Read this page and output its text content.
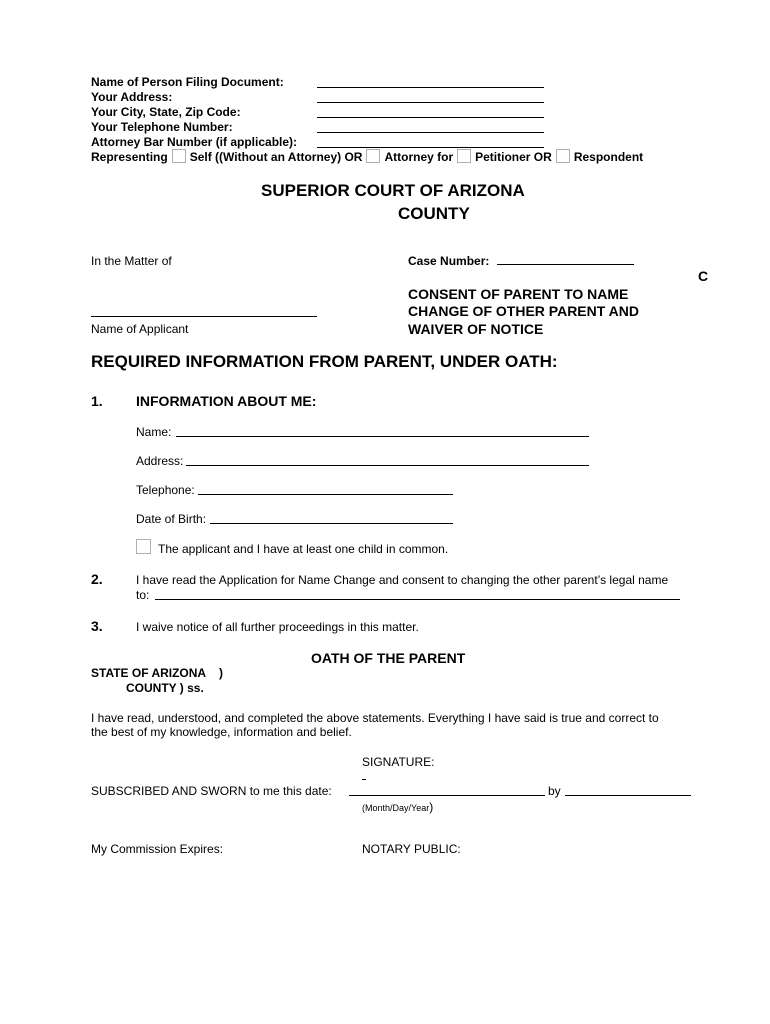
Name of Person Filing Document:
Your Address:
Your City, State, Zip Code:
Your Telephone Number:
Attorney Bar Number (if applicable):
Representing Self ((Without an Attorney) OR Attorney for Petitioner OR Respondent
SUPERIOR COURT OF ARIZONA
COUNTY
In the Matter of	Case Number:
C
CONSENT OF PARENT TO NAME
CHANGE OF OTHER PARENT AND
WAIVER OF NOTICE
Name of Applicant
REQUIRED INFORMATION FROM PARENT, UNDER OATH:
1. INFORMATION ABOUT ME:
Name:
Address:
Telephone:
Date of Birth:
The applicant and I have at least one child in common.
2.	I have read the Application for Name Change and consent to changing the other parent’s legal name
to:
3.	I waive notice of all further proceedings in this matter.
OATH OF THE PARENT
STATE OF ARIZONA    )
COUNTY ) ss.
I have read, understood, and completed the above statements. Everything I have said is true and correct to
the best of my knowledge, information and belief.
SIGNATURE:
SUBSCRIBED AND SWORN to me this date:	by
(Month/Day/Year)
My Commission Expires:	NOTARY PUBLIC:
